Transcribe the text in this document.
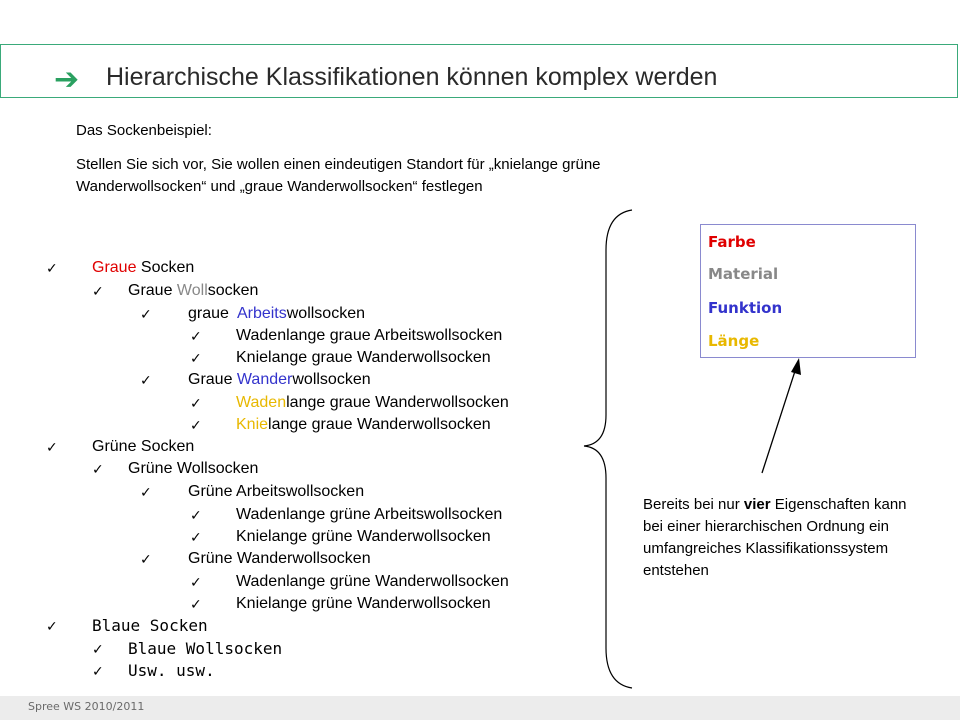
➔ Hierarchische Klassifikationen können komplex werden
Das Sockenbeispiel:
Stellen Sie sich vor, Sie wollen einen eindeutigen Standort für „knielange grüne
Wanderwollsocken“ und „graue Wanderwollsocken“ festlegen
✓ Graue Socken
✓ Graue Wollsocken
✓ graue  Arbeitswollsocken
✓ Wadenlange graue Arbeitswollsocken
✓ Knielange graue Wanderwollsocken
✓ Graue Wanderwollsocken
✓ Wadenlange graue Wanderwollsocken
✓ Knielange graue Wanderwollsocken
✓ Grüne Socken
✓ Grüne Wollsocken
✓ Grüne Arbeitswollsocken
✓ Wadenlange grüne Arbeitswollsocken
✓ Knielange grüne Wanderwollsocken
✓ Grüne Wanderwollsocken
✓ Wadenlange grüne Wanderwollsocken
✓ Knielange grüne Wanderwollsocken
✓ Blaue Socken
✓ Blaue Wollsocken
✓ Usw. usw.
Farbe
Material
Funktion
Länge
Bereits bei nur vier Eigenschaften kann bei einer hierarchischen Ordnung ein umfangreiches Klassifikationssystem entstehen
Spree WS 2010/2011
